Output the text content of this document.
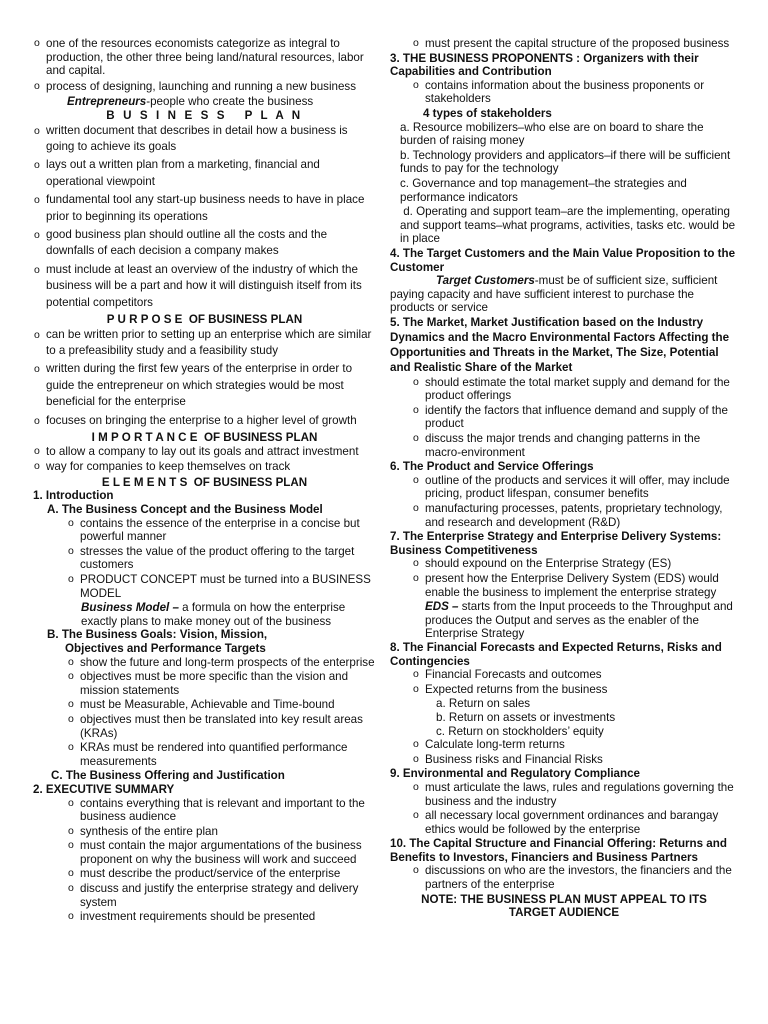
o one of the resources economists categorize as integral to production, the other three being land/natural resources, labor and capital.
o process of designing, launching and running a new business
Entrepreneurs-people who create the business
B U S I N E S S   P L A N
o written document that describes in detail how a business is going to achieve its goals
o lays out a written plan from a marketing, financial and operational viewpoint
o fundamental tool any start-up business needs to have in place prior to beginning its operations
o good business plan should outline all the costs and the downfalls of each decision a company makes
o must include at least an overview of the industry of which the business will be a part and how it will distinguish itself from its potential competitors
P U R P O S E  OF BUSINESS PLAN
o can be written prior to setting up an enterprise which are similar to a prefeasibility study and a feasibility study
o written during the first few years of the enterprise in order to guide the entrepreneur on which strategies would be most beneficial for the enterprise
o focuses on bringing the enterprise to a higher level of growth
I M P O R T A N C E  OF BUSINESS PLAN
o to allow a company to lay out its goals and attract investment
o way for companies to keep themselves on track
E L E M E N T S  OF BUSINESS PLAN
1. Introduction
A. The Business Concept and the Business Model
o contains the essence of the enterprise in a concise but powerful manner
o stresses the value of the product offering to the target customers
o PRODUCT CONCEPT must be turned into a BUSINESS MODEL
Business Model – a formula on how the enterprise exactly plans to make money out of the business
B. The Business Goals: Vision, Mission,
Objectives and Performance Targets
o show the future and long-term prospects of the enterprise
o objectives must be more specific than the vision and mission statements
o must be Measurable, Achievable and Time-bound
o objectives must then be translated into key result areas (KRAs)
o KRAs must be rendered into quantified performance measurements
C. The Business Offering and Justification
2. EXECUTIVE SUMMARY
o contains everything that is relevant and important to the business audience
o synthesis of the entire plan
o must contain the major argumentations of the business proponent on why the business will work and succeed
o must describe the product/service of the enterprise
o discuss and justify the enterprise strategy and delivery system
o investment requirements should be presented
o must present the capital structure of the proposed business
3. THE BUSINESS PROPONENTS : Organizers with their Capabilities and Contribution
o contains information about the business proponents or stakeholders
4 types of stakeholders
a. Resource mobilizers–who else are on board to share the burden of raising money
b. Technology providers and applicators–if there will be sufficient funds to pay for the technology
c. Governance and top management–the strategies and performance indicators
d. Operating and support team–are the implementing, operating and support teams–what programs, activities, tasks etc. would be in place
4. The Target Customers and the Main Value Proposition to the Customer
Target Customers-must be of sufficient size, sufficient paying capacity and have sufficient interest to purchase the products or service
5. The Market, Market Justification based on the Industry Dynamics and the Macro Environmental Factors Affecting the Opportunities and Threats in the Market, The Size, Potential and Realistic Share of the Market
o should estimate the total market supply and demand for the product offerings
o identify the factors that influence demand and supply of the product
o discuss the major trends and changing patterns in the macro-environment
6. The Product and Service Offerings
o outline of the products and services it will offer, may include pricing, product lifespan, consumer benefits
o manufacturing processes, patents, proprietary technology, and research and development (R&D)
7. The Enterprise Strategy and Enterprise Delivery Systems: Business Competitiveness
o should expound on the Enterprise Strategy (ES)
o present how the Enterprise Delivery System (EDS) would enable the business to implement the enterprise strategy
EDS – starts from the Input proceeds to the Throughput and produces the Output and serves as the enabler of the Enterprise Strategy
8. The Financial Forecasts and Expected Returns, Risks and Contingencies
o Financial Forecasts and outcomes
o Expected returns from the business
a. Return on sales
b. Return on assets or investments
c. Return on stockholders’ equity
o Calculate long-term returns
o Business risks and Financial Risks
9. Environmental and Regulatory Compliance
o must articulate the laws, rules and regulations governing the business and the industry
o all necessary local government ordinances and barangay ethics would be followed by the enterprise
10. The Capital Structure and Financial Offering: Returns and Benefits to Investors, Financiers and Business Partners
o discussions on who are the investors, the financiers and the partners of the enterprise
NOTE: THE BUSINESS PLAN MUST APPEAL TO ITS TARGET AUDIENCE
